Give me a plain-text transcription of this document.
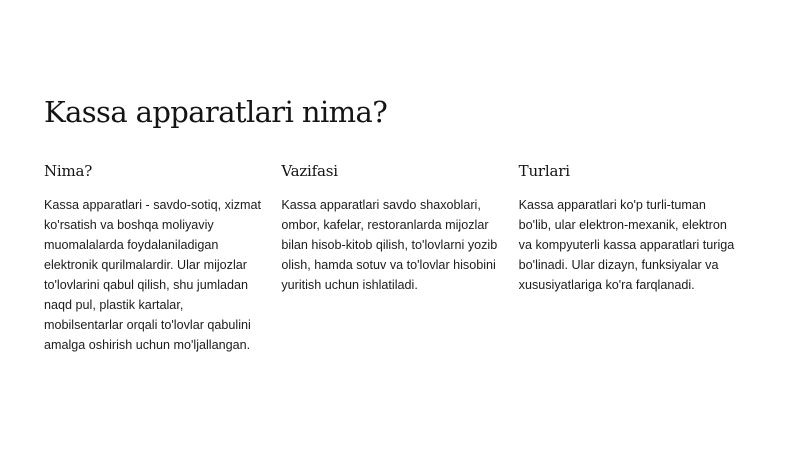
Kassa apparatlari nima?
Nima?

Kassa apparatlari - savdo-sotiq, xizmat ko'rsatish va boshqa moliyaviy muomalalarda foydalaniladigan elektronik qurilmalardir. Ular mijozlar to'lovlarini qabul qilish, shu jumladan naqd pul, plastik kartalar, mobilsentarlar orqali to'lovlar qabulini amalga oshirish uchun mo'ljallangan.

Vazifasi

Kassa apparatlari savdo shaxoblari, ombor, kafelar, restoranlarda mijozlar bilan hisob-kitob qilish, to'lovlarni yozib olish, hamda sotuv va to'lovlar hisobini yuritish uchun ishlatiladi.

Turlari

Kassa apparatlari ko'p turli-tuman bo'lib, ular elektron-mexanik, elektron va kompyuterli kassa apparatlari turiga bo'linadi. Ular dizayn, funksiyalar va xususiyatlariga ko'ra farqlanadi.
